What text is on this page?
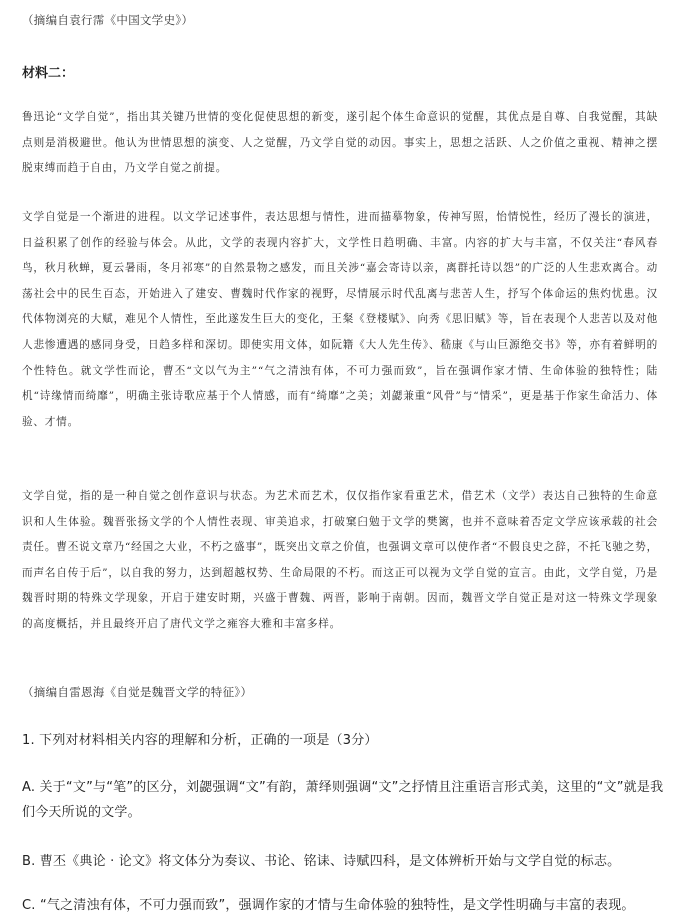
（摘编自袁行霈《中国文学史》）
材料二：

鲁迅论“文学自觉”，指出其关键乃世情的变化促使思想的新变，遂引起个体生命意识的觉醒，其优点是自尊、自我觉醒，其缺点则是消极避世。他认为世情思想的演变、人之觉醒，乃文学自觉的动因。事实上，思想之活跃、人之价值之重视、精神之摆脱束缚而趋于自由，乃文学自觉之前提。

文学自觉是一个渐进的进程。以文学记述事件，表达思想与情性，进而描摹物象，传神写照，怡情悦性，经历了漫长的演进，日益积累了创作的经验与体会。从此，文学的表现内容扩大，文学性日趋明确、丰富。内容的扩大与丰富，不仅关注“春风春鸟，秋月秋蝉，夏云暑雨，冬月祁寒”的自然景物之感发，而且关涉“嘉会寄诗以亲，离群托诗以怨”的广泛的人生悲欢离合。动荡社会中的民生百态，开始进入了建安、曹魏时代作家的视野，尽情展示时代乱离与悲苦人生，抒写个体命运的焦灼忧患。汉代体物浏亮的大赋，难见个人情性，至此遂发生巨大的变化，王粲《登楼赋》、向秀《思旧赋》等，旨在表现个人悲苦以及对他人悲惨遭遇的感同身受，日趋多样和深切。即使实用文体，如阮籍《大人先生传》、嵇康《与山巨源绝交书》等，亦有着鲜明的个性特色。就文学性而论，曹丕“文以气为主”“气之清浊有体，不可力强而致”，旨在强调作家才情、生命体验的独特性；陆机“诗缘情而绮靡”，明确主张诗歌应基于个人情感，而有“绮靡”之美；刘勰兼重“风骨”与“情采”，更是基于作家生命活力、体验、才情。

文学自觉，指的是一种自觉之创作意识与状态。为艺术而艺术，仅仅指作家看重艺术，借艺术（文学）表达自己独特的生命意识和人生体验。魏晋张扬文学的个人情性表现、审美追求，打破窠臼勉于文学的樊篱，也并不意味着否定文学应该承载的社会责任。曹丕说文章乃“经国之大业，不朽之盛事”，既突出文章之价值，也强调文章可以使作者“不假良史之辞，不托飞驰之势，而声名自传于后”，以自我的努力，达到超越权势、生命局限的不朽。而这正可以视为文学自觉的宣言。由此，文学自觉，乃是魏晋时期的特殊文学现象，开启于建安时期，兴盛于曹魏、两晋，影响于南朝。因而，魏晋文学自觉正是对这一特殊文学现象的高度概括，并且最终开启了唐代文学之雍容大雅和丰富多样。

（摘编自雷恩海《自觉是魏晋文学的特征》）

1. 下列对材料相关内容的理解和分析，正确的一项是（3分）

A. 关于“文”与“笔”的区分，刘勰强调“文”有韵，萧绎则强调“文”之抒情且注重语言形式美，这里的“文”就是我们今天所说的文学。

B. 曹丕《典论 · 论文》将文体分为奏议、书论、铭诔、诗赋四科，是文体辨析开始与文学自觉的标志。

C. “气之清浊有体，不可力强而致”，强调作家的才情与生命体验的独特性，是文学性明确与丰富的表现。
